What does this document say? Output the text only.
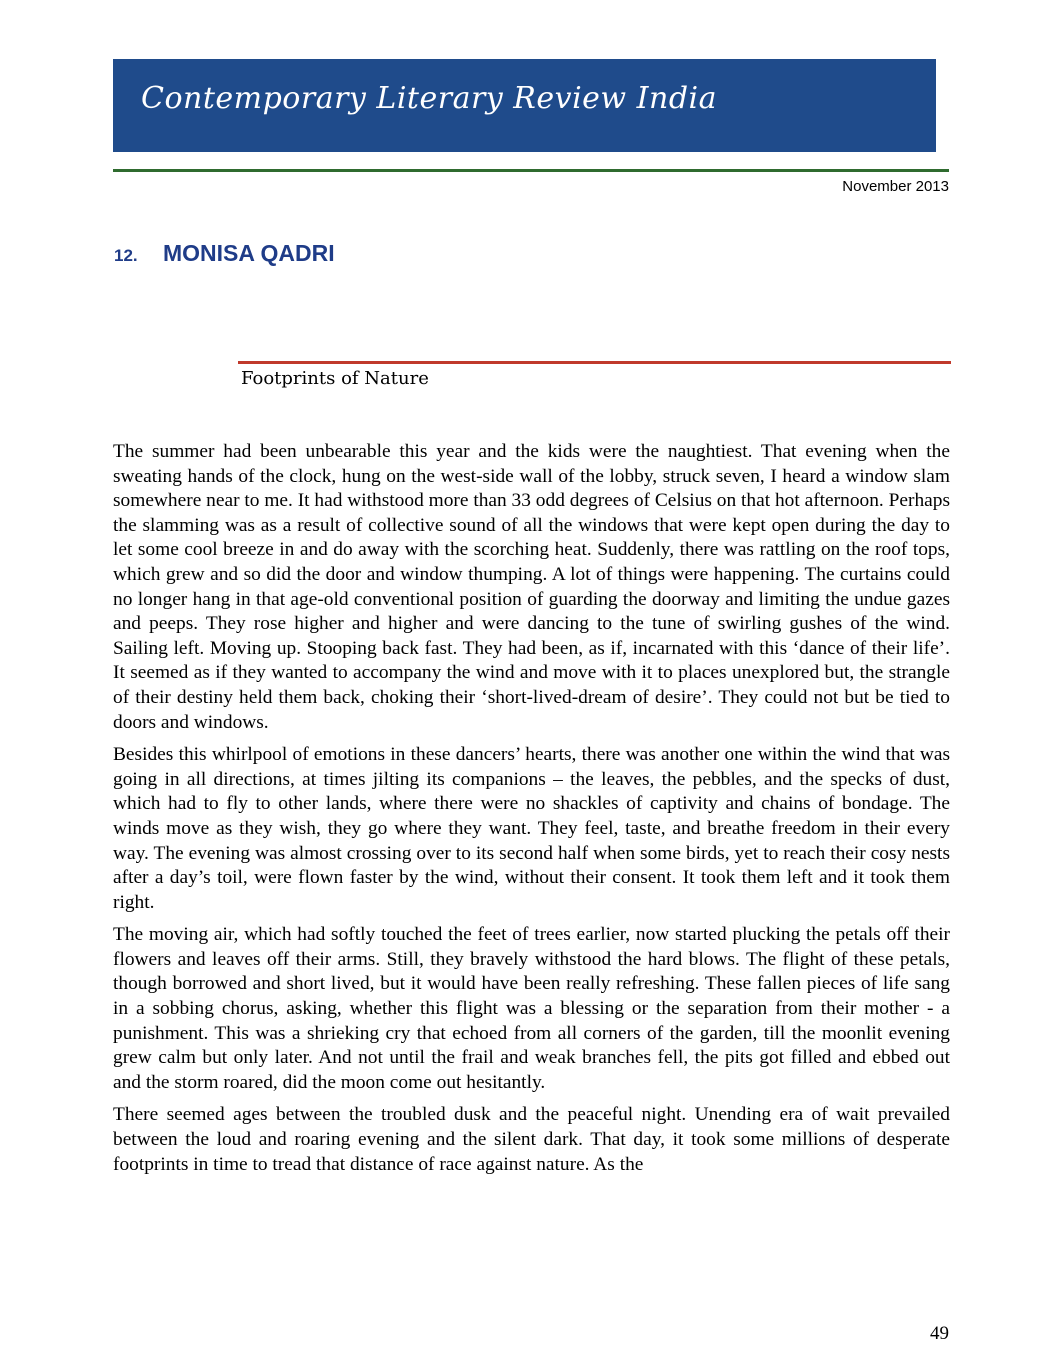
Contemporary Literary Review India
November 2013
12. MONISA QADRI
Footprints of Nature

The summer had been unbearable this year and the kids were the naughtiest. That evening when the sweating hands of the clock, hung on the west-side wall of the lobby, struck seven, I heard a window slam somewhere near to me. It had withstood more than 33 odd degrees of Celsius on that hot afternoon. Perhaps the slamming was as a result of collective sound of all the windows that were kept open during the day to let some cool breeze in and do away with the scorching heat. Suddenly, there was rattling on the roof tops, which grew and so did the door and window thumping. A lot of things were happening. The curtains could no longer hang in that age-old conventional position of guarding the doorway and limiting the undue gazes and peeps. They rose higher and higher and were dancing to the tune of swirling gushes of the wind. Sailing left. Moving up. Stooping back fast. They had been, as if, incarnated with this ‘dance of their life’. It seemed as if they wanted to accompany the wind and move with it to places unexplored but, the strangle of their destiny held them back, choking their ‘short-lived-dream of desire’. They could not but be tied to doors and windows.

Besides this whirlpool of emotions in these dancers’ hearts, there was another one within the wind that was going in all directions, at times jilting its companions – the leaves, the pebbles, and the specks of dust, which had to fly to other lands, where there were no shackles of captivity and chains of bondage. The winds move as they wish, they go where they want. They feel, taste, and breathe freedom in their every way. The evening was almost crossing over to its second half when some birds, yet to reach their cosy nests after a day’s toil, were flown faster by the wind, without their consent. It took them left and it took them right.

The moving air, which had softly touched the feet of trees earlier, now started plucking the petals off their flowers and leaves off their arms. Still, they bravely withstood the hard blows. The flight of these petals, though borrowed and short lived, but it would have been really refreshing. These fallen pieces of life sang in a sobbing chorus, asking, whether this flight was a blessing or the separation from their mother - a punishment. This was a shrieking cry that echoed from all corners of the garden, till the moonlit evening grew calm but only later. And not until the frail and weak branches fell, the pits got filled and ebbed out and the storm roared, did the moon come out hesitantly.

There seemed ages between the troubled dusk and the peaceful night. Unending era of wait prevailed between the loud and roaring evening and the silent dark. That day, it took some millions of desperate footprints in time to tread that distance of race against nature. As the

49
